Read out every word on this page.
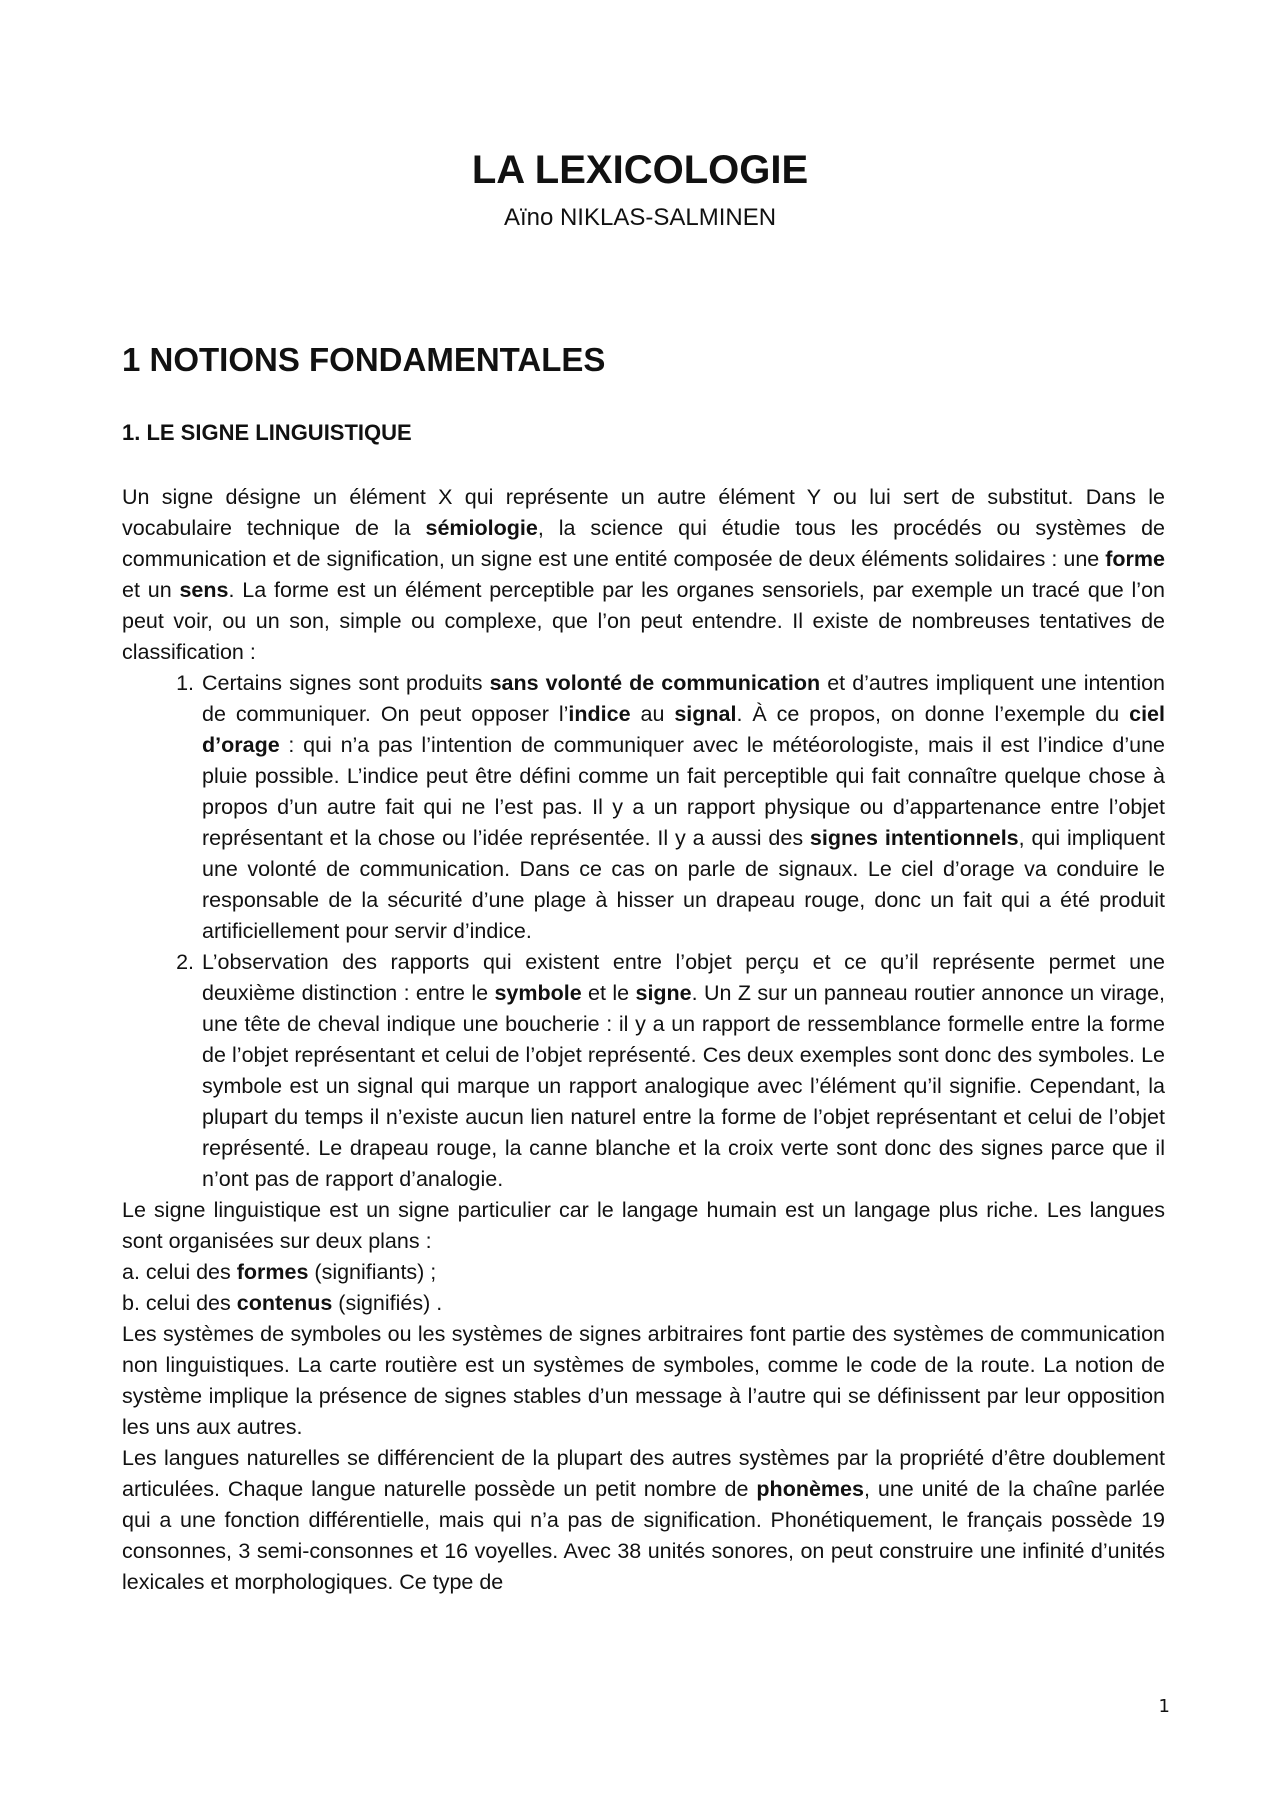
LA LEXICOLOGIE
Aïno NIKLAS-SALMINEN
1 NOTIONS FONDAMENTALES
1. LE SIGNE LINGUISTIQUE

Un signe désigne un élément X qui représente un autre élément Y ou lui sert de substitut. Dans le vocabulaire technique de la sémiologie, la science qui étudie tous les procédés ou systèmes de communication et de signification, un signe est une entité composée de deux éléments solidaires : une forme et un sens. La forme est un élément perceptible par les organes sensoriels, par exemple un tracé que l’on peut voir, ou un son, simple ou complexe, que l’on peut entendre. Il existe de nombreuses tentatives de classification :

1. Certains signes sont produits sans volonté de communication et d’autres impliquent une intention de communiquer. On peut opposer l’indice au signal. À ce propos, on donne l’exemple du ciel d’orage : qui n’a pas l’intention de communiquer avec le météorologiste, mais il est l’indice d’une pluie possible. L’indice peut être défini comme un fait perceptible qui fait connaître quelque chose à propos d’un autre fait qui ne l’est pas. Il y a un rapport physique ou d’appartenance entre l’objet représentant et la chose ou l’idée représentée. Il y a aussi des signes intentionnels, qui impliquent une volonté de communication. Dans ce cas on parle de signaux. Le ciel d’orage va conduire le responsable de la sécurité d’une plage à hisser un drapeau rouge, donc un fait qui a été produit artificiellement pour servir d’indice.
2. L’observation des rapports qui existent entre l’objet perçu et ce qu’il représente permet une deuxième distinction : entre le symbole et le signe. Un Z sur un panneau routier annonce un virage, une tête de cheval indique une boucherie : il y a un rapport de ressemblance formelle entre la forme de l’objet représentant et celui de l’objet représenté. Ces deux exemples sont donc des symboles. Le symbole est un signal qui marque un rapport analogique avec l’élément qu’il signifie. Cependant, la plupart du temps il n’existe aucun lien naturel entre la forme de l’objet représentant et celui de l’objet représenté. Le drapeau rouge, la canne blanche et la croix verte sont donc des signes parce que il n’ont pas de rapport d’analogie.

Le signe linguistique est un signe particulier car le langage humain est un langage plus riche. Les langues sont organisées sur deux plans :

a. celui des formes (signifiants) ;

b. celui des contenus (signifiés) .

Les systèmes de symboles ou les systèmes de signes arbitraires font partie des systèmes de communication non linguistiques. La carte routière est un systèmes de symboles, comme le code de la route. La notion de système implique la présence de signes stables d’un message à l’autre qui se définissent par leur opposition les uns aux autres.

Les langues naturelles se différencient de la plupart des autres systèmes par la propriété d’être doublement articulées. Chaque langue naturelle possède un petit nombre de phonèmes, une unité de la chaîne parlée qui a une fonction différentielle, mais qui n’a pas de signification. Phonétiquement, le français possède 19 consonnes, 3 semi-consonnes et 16 voyelles. Avec 38 unités sonores, on peut construire une infinité d’unités lexicales et morphologiques. Ce type de

1
